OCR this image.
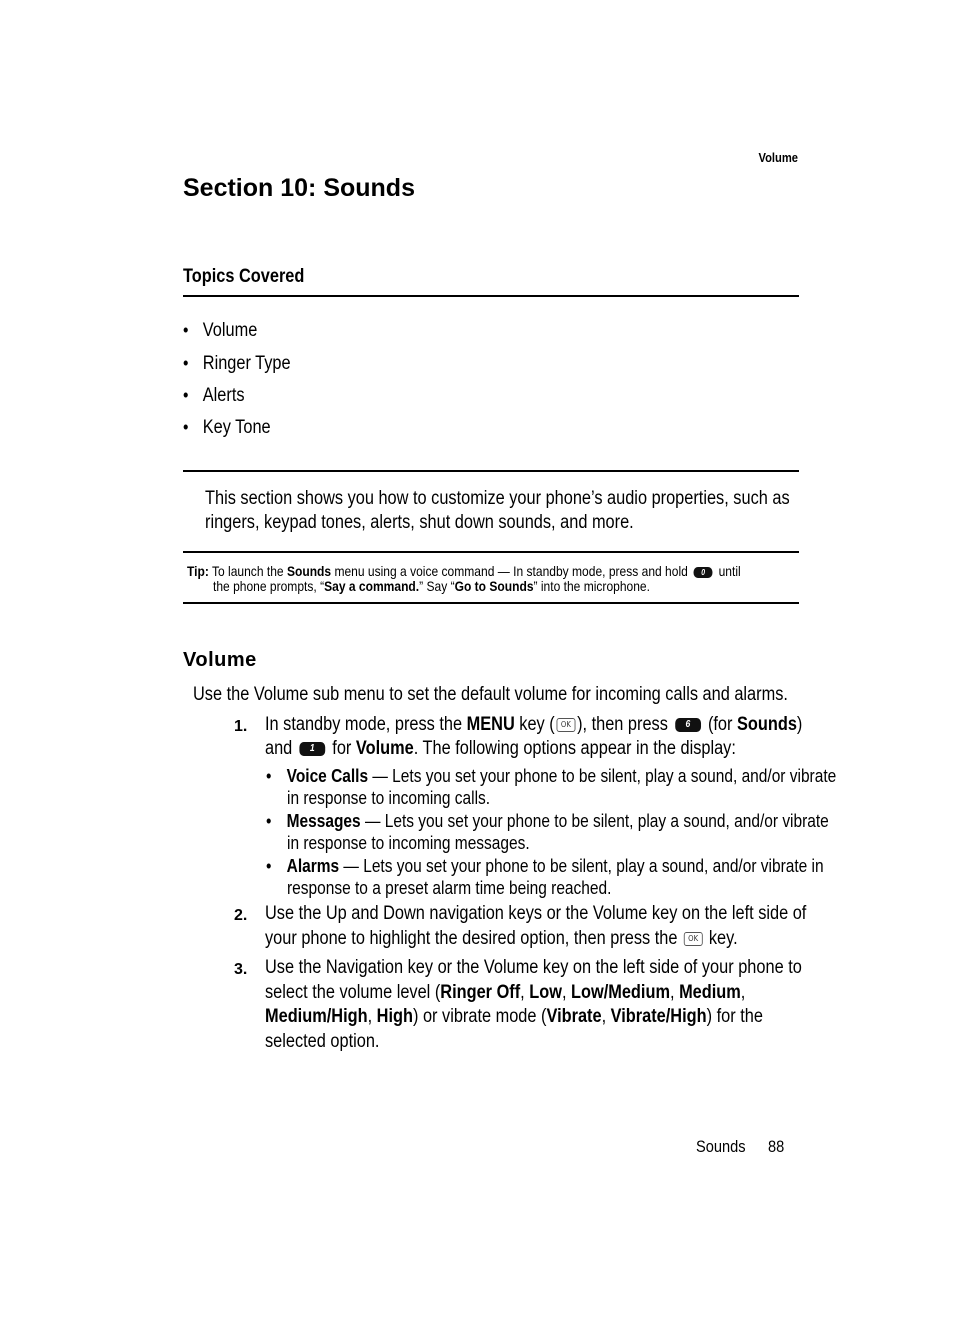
Volume
Section 10: Sounds
Topics Covered
• Volume
• Ringer Type
• Alerts
• Key Tone
This section shows you how to customize your phone’s audio properties, such as
ringers, keypad tones, alerts, shut down sounds, and more.
Tip: To launch the Sounds menu using a voice command — In standby mode, press and hold 0 until
the phone prompts, “Say a command.” Say “Go to Sounds” into the microphone.
Volume
Use the Volume sub menu to set the default volume for incoming calls and alarms.
1. In standby mode, press the MENU key ( OK ), then press 6 (for Sounds)
and 1 for Volume. The following options appear in the display:
• Voice Calls — Lets you set your phone to be silent, play a sound, and/or vibrate
in response to incoming calls.
• Messages — Lets you set your phone to be silent, play a sound, and/or vibrate
in response to incoming messages.
• Alarms — Lets you set your phone to be silent, play a sound, and/or vibrate in
response to a preset alarm time being reached.
2. Use the Up and Down navigation keys or the Volume key on the left side of
your phone to highlight the desired option, then press the OK key.
3. Use the Navigation key or the Volume key on the left side of your phone to
select the volume level (Ringer Off, Low, Low/Medium, Medium,
Medium/High, High) or vibrate mode (Vibrate, Vibrate/High) for the
selected option.
Sounds 88
